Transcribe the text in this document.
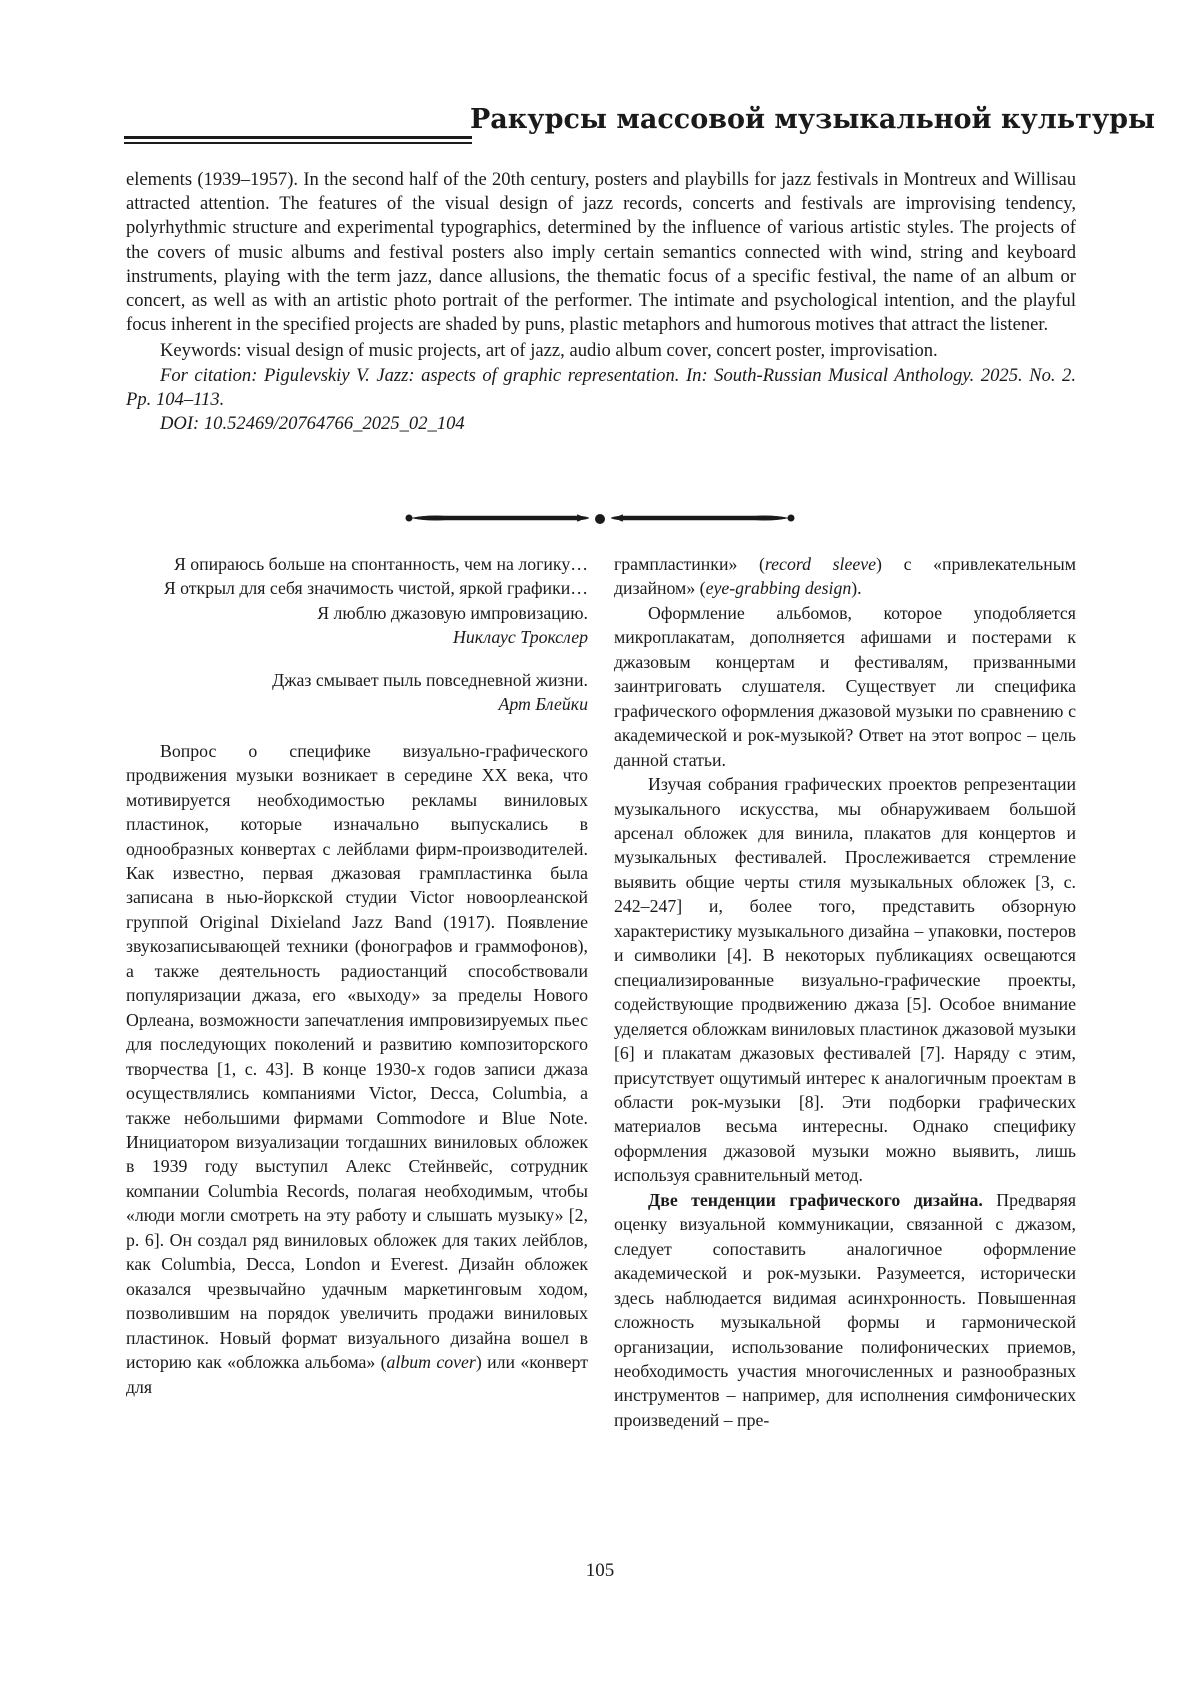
Ракурсы массовой музыкальной культуры

elements (1939–1957). In the second half of the 20th century, posters and playbills for jazz festivals in Montreux and Willisau attracted attention. The features of the visual design of jazz records, concerts and festivals are improvising tendency, polyrhythmic structure and experimental typographics, determined by the influence of various artistic styles. The projects of the covers of music albums and festival posters also imply certain semantics connected with wind, string and keyboard instruments, playing with the term jazz, dance allusions, the thematic focus of a specific festival, the name of an album or concert, as well as with an artistic photo portrait of the performer. The intimate and psychological intention, and the playful focus inherent in the specified projects are shaded by puns, plastic metaphors and humorous motives that attract the listener.

Keywords: visual design of music projects, art of jazz, audio album cover, concert poster, improvisation.

For citation: Pigulevskiy V. Jazz: aspects of graphic representation. In: South-Russian Musical Anthology. 2025. No. 2. Pp. 104–113.

DOI: 10.52469/20764766_2025_02_104

Я опираюсь больше на спонтанность, чем на логику…
Я открыл для себя значимость чистой, яркой графики…
Я люблю джазовую импровизацию.
Никлаус Трокслер
Джаз смывает пыль повседневной жизни.
Арт Блейки

Вопрос о специфике визуально-графического продвижения музыки возникает в середине XX века, что мотивируется необходимостью рекламы виниловых пластинок, которые изначально выпускались в однообразных конвертах с лейблами фирм-производителей. Как известно, первая джазовая грампластинка была записана в нью-йоркской студии Victor новоорлеанской группой Original Dixieland Jazz Band (1917). Появление звукозаписывающей техники (фонографов и граммофонов), а также деятельность радиостанций способствовали популяризации джаза, его «выходу» за пределы Нового Орлеана, возможности запечатления импровизируемых пьес для последующих поколений и развитию композиторского творчества [1, с. 43]. В конце 1930-х годов записи джаза осуществлялись компаниями Victor, Decca, Columbia, а также небольшими фирмами Commodore и Blue Note. Инициатором визуализации тогдашних виниловых обложек в 1939 году выступил Алекс Стейнвейс, сотрудник компании Columbia Records, полагая необходимым, чтобы «люди могли смотреть на эту работу и слышать музыку» [2, p. 6]. Он создал ряд виниловых обложек для таких лейблов, как Columbia, Decca, London и Everest. Дизайн обложек оказался чрезвычайно удачным маркетинговым ходом, позволившим на порядок увеличить продажи виниловых пластинок. Новый формат визуального дизайна вошел в историю как «обложка альбома» (album cover) или «конверт для

грампластинки» (record sleeve) с «привлекательным дизайном» (eye-grabbing design).

Оформление альбомов, которое уподобляется микроплакатам, дополняется афишами и постерами к джазовым концертам и фестивалям, призванными заинтриговать слушателя. Существует ли специфика графического оформления джазовой музыки по сравнению с академической и рок-музыкой? Ответ на этот вопрос – цель данной статьи.

Изучая собрания графических проектов репрезентации музыкального искусства, мы обнаруживаем большой арсенал обложек для винила, плакатов для концертов и музыкальных фестивалей. Прослеживается стремление выявить общие черты стиля музыкальных обложек [3, с. 242–247] и, более того, представить обзорную характеристику музыкального дизайна – упаковки, постеров и символики [4]. В некоторых публикациях освещаются специализированные визуально-графические проекты, содействующие продвижению джаза [5]. Особое внимание уделяется обложкам виниловых пластинок джазовой музыки [6] и плакатам джазовых фестивалей [7]. Наряду с этим, присутствует ощутимый интерес к аналогичным проектам в области рок-музыки [8]. Эти подборки графических материалов весьма интересны. Однако специфику оформления джазовой музыки можно выявить, лишь используя сравнительный метод.

Две тенденции графического дизайна. Предваряя оценку визуальной коммуникации, связанной с джазом, следует сопоставить аналогичное оформление академической и рок-музыки. Разумеется, исторически здесь наблюдается видимая асинхронность. Повышенная сложность музыкальной формы и гармонической организации, использование полифонических приемов, необходимость участия многочисленных и разнообразных инструментов – например, для исполнения симфонических произведений – пре-

105
